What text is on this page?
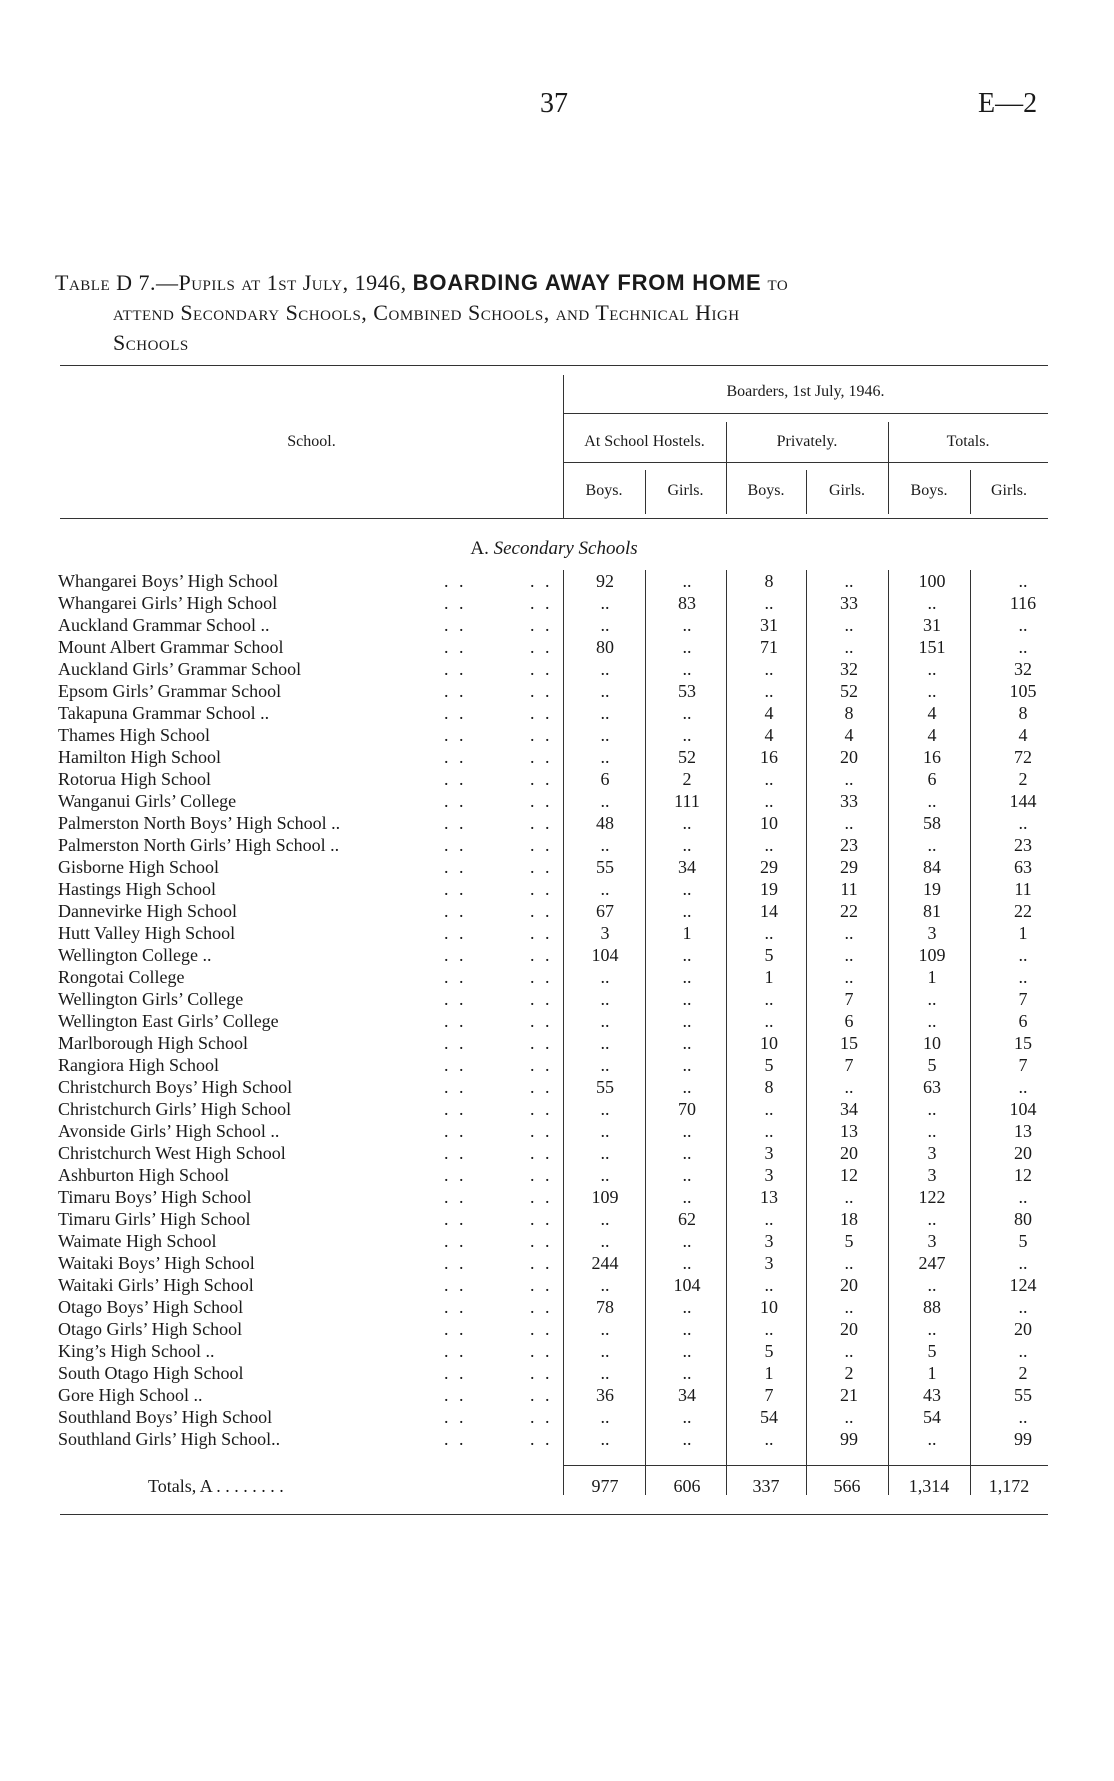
37	E—2
Table D 7.—Pupils at 1st July, 1946, BOARDING AWAY FROM HOME to
attend Secondary Schools, Combined Schools, and Technical High
Schools
School.
Boarders, 1st July, 1946.
At School Hostels.	Privately.	Totals.
Boys.	Girls.	Boys.	Girls.	Boys.	Girls.
A. Secondary Schools
Whangarei Boys’ High School	. .	. .	92	..	8	..	100	..
Whangarei Girls’ High School	. .	. .	..	83	..	33	..	116
Auckland Grammar School ..	. .	. .	..	..	31	..	31	..
Mount Albert Grammar School	. .	. .	80	..	71	..	151	..
Auckland Girls’ Grammar School	. .	. .	..	..	..	32	..	32
Epsom Girls’ Grammar School	. .	. .	..	53	..	52	..	105
Takapuna Grammar School ..	. .	. .	..	..	4	8	4	8
Thames High School	. .	. .	..	..	4	4	4	4
Hamilton High School	. .	. .	..	52	16	20	16	72
Rotorua High School	. .	. .	6	2	..	..	6	2
Wanganui Girls’ College	. .	. .	..	111	..	33	..	144
Palmerston North Boys’ High School ..	. .	. .	48	..	10	..	58	..
Palmerston North Girls’ High School ..	. .	. .	..	..	..	23	..	23
Gisborne High School	. .	. .	55	34	29	29	84	63
Hastings High School	. .	. .	..	..	19	11	19	11
Dannevirke High School	. .	. .	67	..	14	22	81	22
Hutt Valley High School	. .	. .	3	1	..	..	3	1
Wellington College ..	. .	. .	104	..	5	..	109	..
Rongotai College	. .	. .	..	..	1	..	1	..
Wellington Girls’ College	. .	. .	..	..	..	7	..	7
Wellington East Girls’ College	. .	. .	..	..	..	6	..	6
Marlborough High School	. .	. .	..	..	10	15	10	15
Rangiora High School	. .	. .	..	..	5	7	5	7
Christchurch Boys’ High School	. .	. .	55	..	8	..	63	..
Christchurch Girls’ High School	. .	. .	..	70	..	34	..	104
Avonside Girls’ High School ..	. .	. .	..	..	..	13	..	13
Christchurch West High School	. .	. .	..	..	3	20	3	20
Ashburton High School	. .	. .	..	..	3	12	3	12
Timaru Boys’ High School	. .	. .	109	..	13	..	122	..
Timaru Girls’ High School	. .	. .	..	62	..	18	..	80
Waimate High School	. .	. .	..	..	3	5	3	5
Waitaki Boys’ High School	. .	. .	244	..	3	..	247	..
Waitaki Girls’ High School	. .	. .	..	104	..	20	..	124
Otago Boys’ High School	. .	. .	78	..	10	..	88	..
Otago Girls’ High School	. .	. .	..	..	..	20	..	20
King’s High School ..	. .	. .	..	..	5	..	5	..
South Otago High School	. .	. .	..	..	1	2	1	2
Gore High School ..	. .	. .	36	34	7	21	43	55
Southland Boys’ High School	. .	. .	..	..	54	..	54	..
Southland Girls’ High School..	. .	. .	..	..	..	99	..	99
Totals, A . . . . . . . .	977	606	337	566	1,314	1,172
